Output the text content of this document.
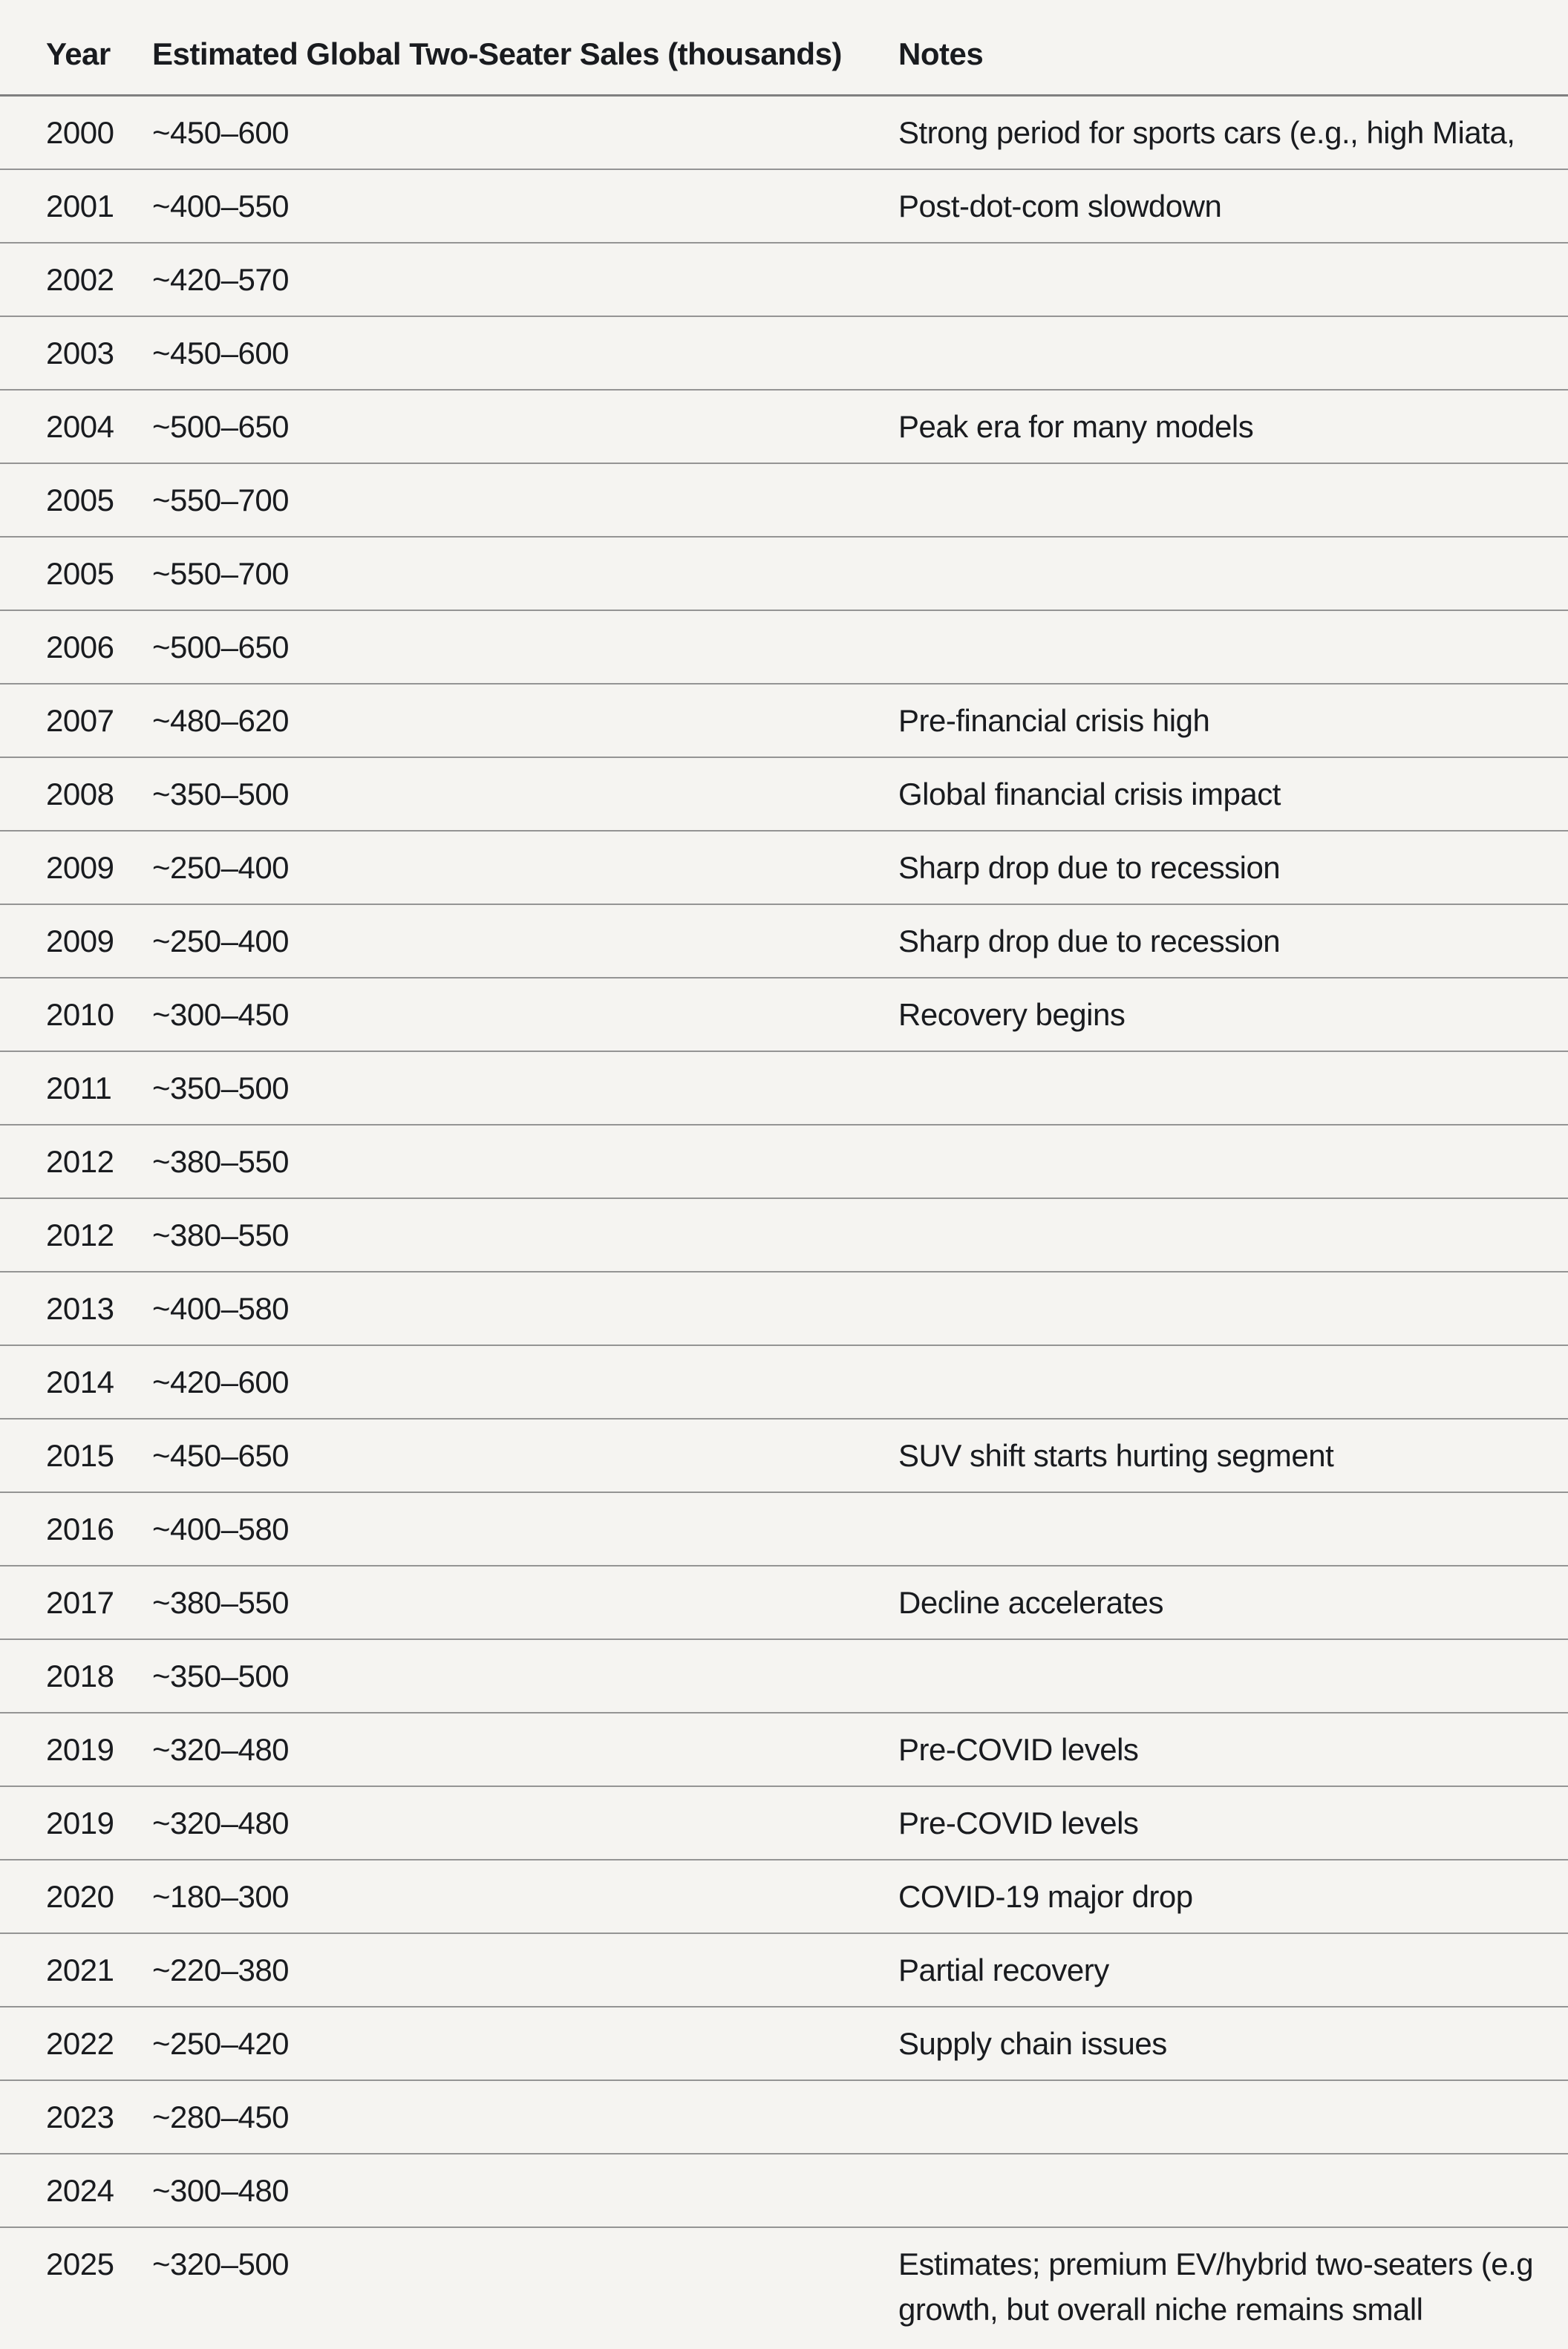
Year	Estimated Global Two-Seater Sales (thousands)	Notes
2000	~450–600	Strong period for sports cars (e.g., high Miata,
2001	~400–550	Post-dot-com slowdown
2002	~420–570
2003	~450–600
2004	~500–650	Peak era for many models
2005	~550–700
2005	~550–700
2006	~500–650
2007	~480–620	Pre-financial crisis high
2008	~350–500	Global financial crisis impact
2009	~250–400	Sharp drop due to recession
2009	~250–400	Sharp drop due to recession
2010	~300–450	Recovery begins
2011	~350–500
2012	~380–550
2012	~380–550
2013	~400–580
2014	~420–600
2015	~450–650	SUV shift starts hurting segment
2016	~400–580
2017	~380–550	Decline accelerates
2018	~350–500
2019	~320–480	Pre-COVID levels
2019	~320–480	Pre-COVID levels
2020	~180–300	COVID-19 major drop
2021	~220–380	Partial recovery
2022	~250–420	Supply chain issues
2023	~280–450
2024	~300–480
2025	~320–500	Estimates; premium EV/hybrid two-seaters (e.g
growth, but overall niche remains small
